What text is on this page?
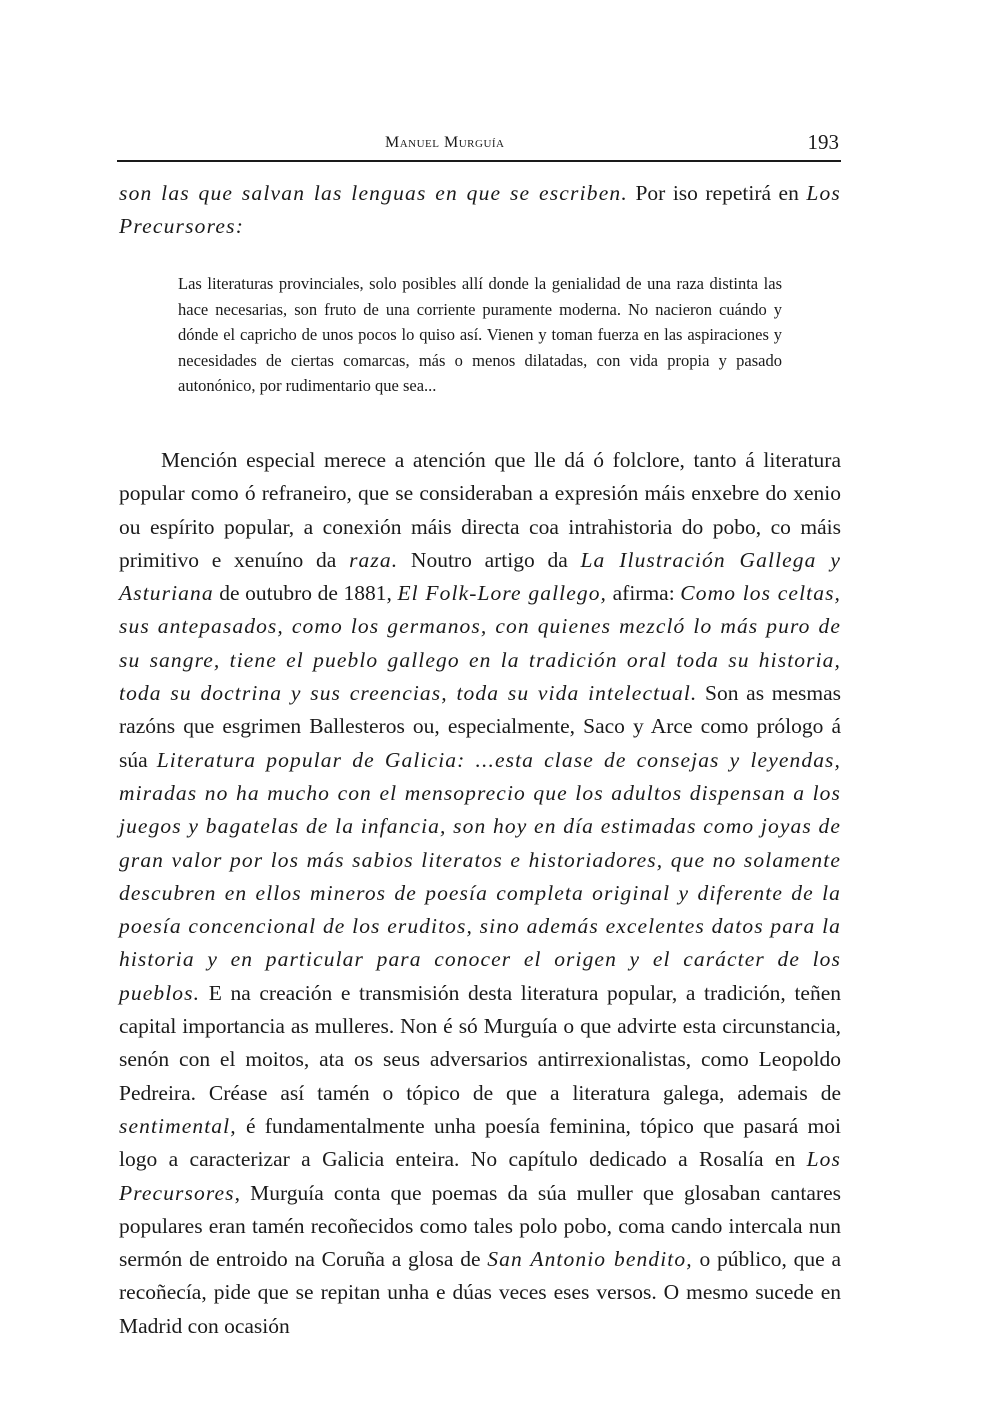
Manuel Murguía	193

son las que salvan las lenguas en que se escriben. Por iso repetirá en Los Precursores:

Las literaturas provinciales, solo posibles allí donde la genialidad de una raza distinta las hace necesarias, son fruto de una corriente puramente moderna. No nacieron cuándo y dónde el capricho de unos pocos lo quiso así. Vienen y toman fuerza en las aspiraciones y necesidades de ciertas comarcas, más o menos dilatadas, con vida propia y pasado autonónico, por rudimentario que sea...

Mención especial merece a atención que lle dá ó folclore, tanto á literatura popular como ó refraneiro, que se consideraban a expresión máis enxebre do xenio ou espírito popular, a conexión máis directa coa intrahistoria do pobo, co máis primitivo e xenuíno da raza. Noutro artigo da La Ilustración Gallega y Asturiana de outubro de 1881, El Folk-Lore gallego, afirma: Como los celtas, sus antepasados, como los germanos, con quienes mezcló lo más puro de su sangre, tiene el pueblo gallego en la tradición oral toda su historia, toda su doctrina y sus creencias, toda su vida intelectual. Son as mesmas razóns que esgrimen Ballesteros ou, especialmente, Saco y Arce como prólogo á súa Literatura popular de Galicia: ...esta clase de consejas y leyendas, miradas no ha mucho con el mensoprecio que los adultos dispensan a los juegos y bagatelas de la infancia, son hoy en día estimadas como joyas de gran valor por los más sabios literatos e historiadores, que no solamente descubren en ellos mineros de poesía completa original y diferente de la poesía concencional de los eruditos, sino además excelentes datos para la historia y en particular para conocer el origen y el carácter de los pueblos. E na creación e transmisión desta literatura popular, a tradición, teñen capital importancia as mulleres. Non é só Murguía o que advirte esta circunstancia, senón con el moitos, ata os seus adversarios antirrexionalistas, como Leopoldo Pedreira. Créase así tamén o tópico de que a literatura galega, ademais de sentimental, é fundamentalmente unha poesía feminina, tópico que pasará moi logo a caracterizar a Galicia enteira. No capítulo dedicado a Rosalía en Los Precursores, Murguía conta que poemas da súa muller que glosaban cantares populares eran tamén recoñecidos como tales polo pobo, coma cando intercala nun sermón de entroido na Coruña a glosa de San Antonio bendito, o público, que a recoñecía, pide que se repitan unha e dúas veces eses versos. O mesmo sucede en Madrid con ocasión
